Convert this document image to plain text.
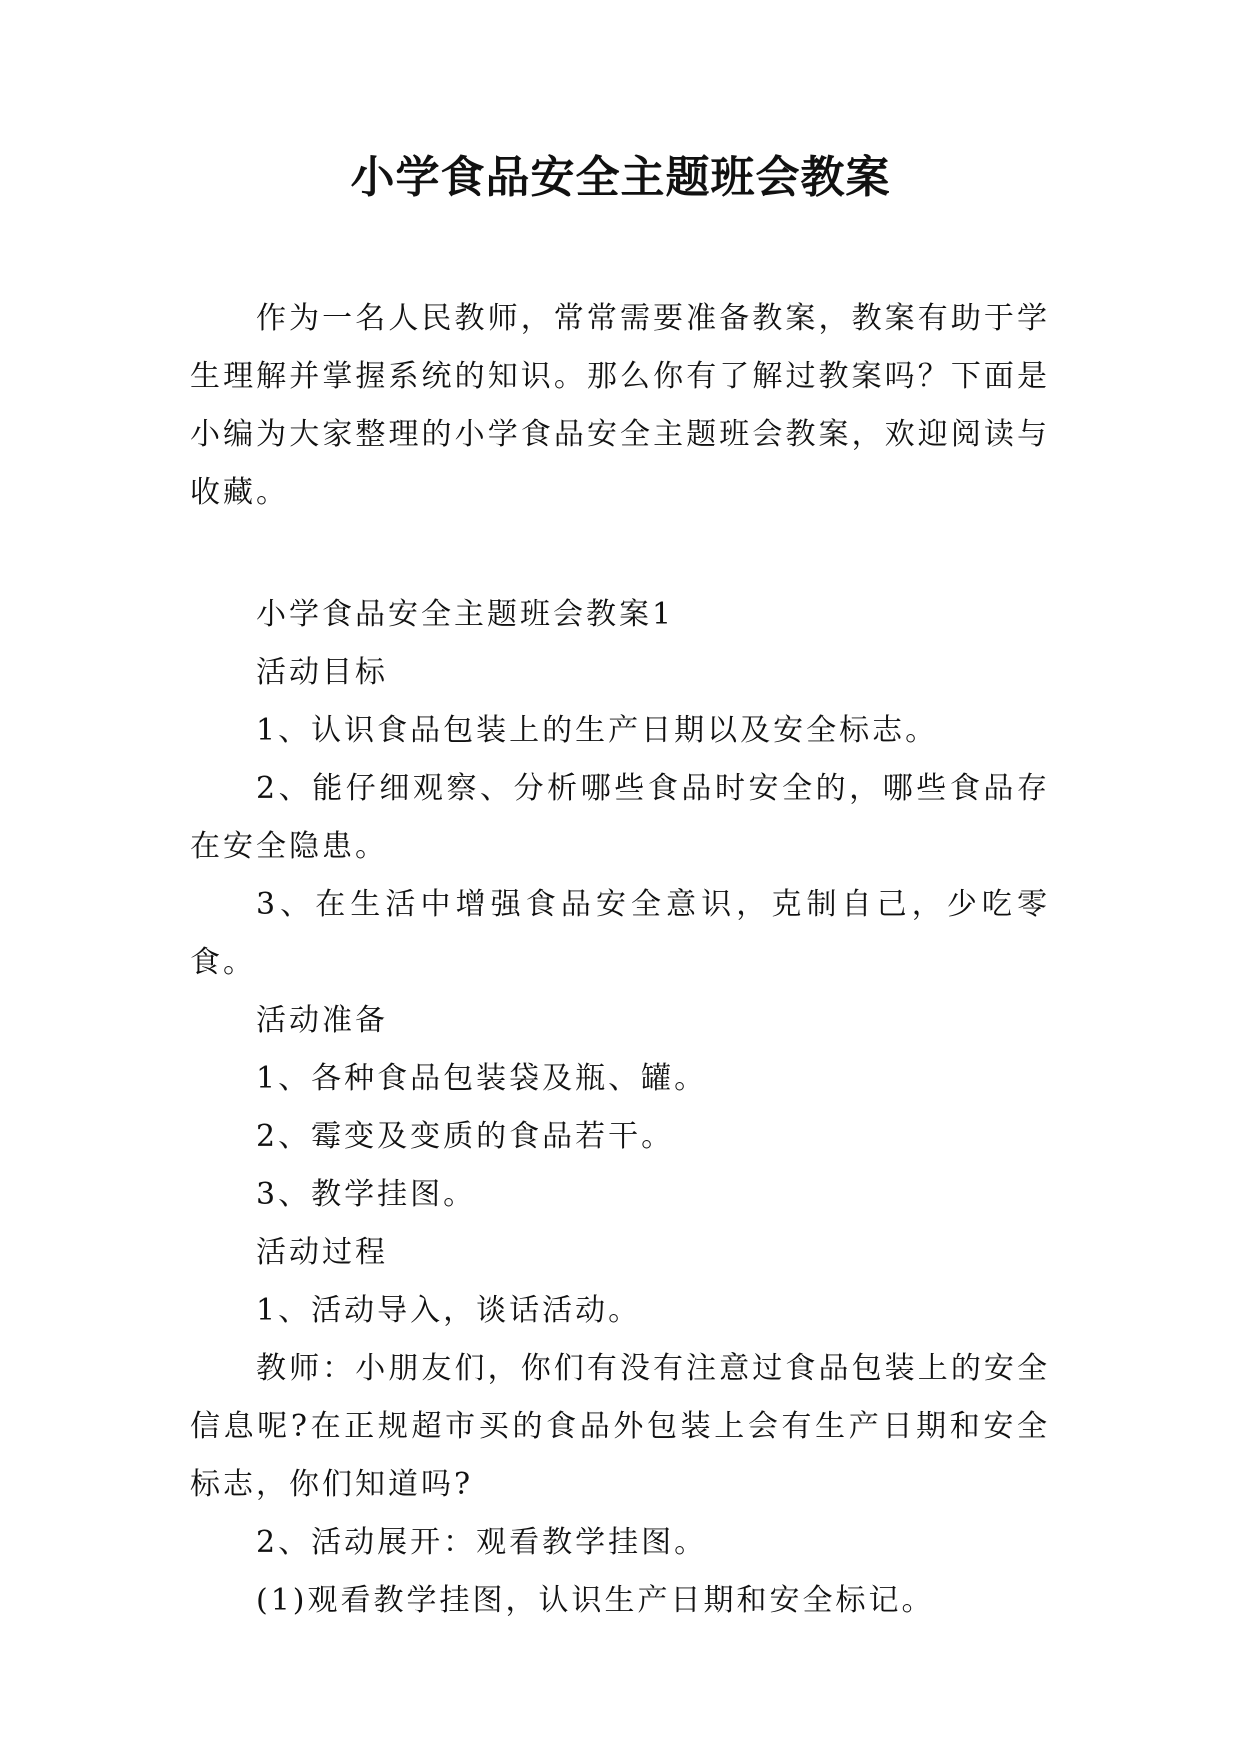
小学食品安全主题班会教案

作为一名人民教师，常常需要准备教案，教案有助于学生理解并掌握系统的知识。那么你有了解过教案吗？下面是小编为大家整理的小学食品安全主题班会教案，欢迎阅读与收藏。

小学食品安全主题班会教案1

活动目标

1、认识食品包装上的生产日期以及安全标志。

2、能仔细观察、分析哪些食品时安全的，哪些食品存在安全隐患。

3、在生活中增强食品安全意识，克制自己，少吃零食。

活动准备

1、各种食品包装袋及瓶、罐。

2、霉变及变质的食品若干。

3、教学挂图。

活动过程

1、活动导入，谈话活动。

教师：小朋友们，你们有没有注意过食品包装上的安全信息呢?在正规超市买的食品外包装上会有生产日期和安全标志，你们知道吗?

2、活动展开：观看教学挂图。

(1)观看教学挂图，认识生产日期和安全标记。
